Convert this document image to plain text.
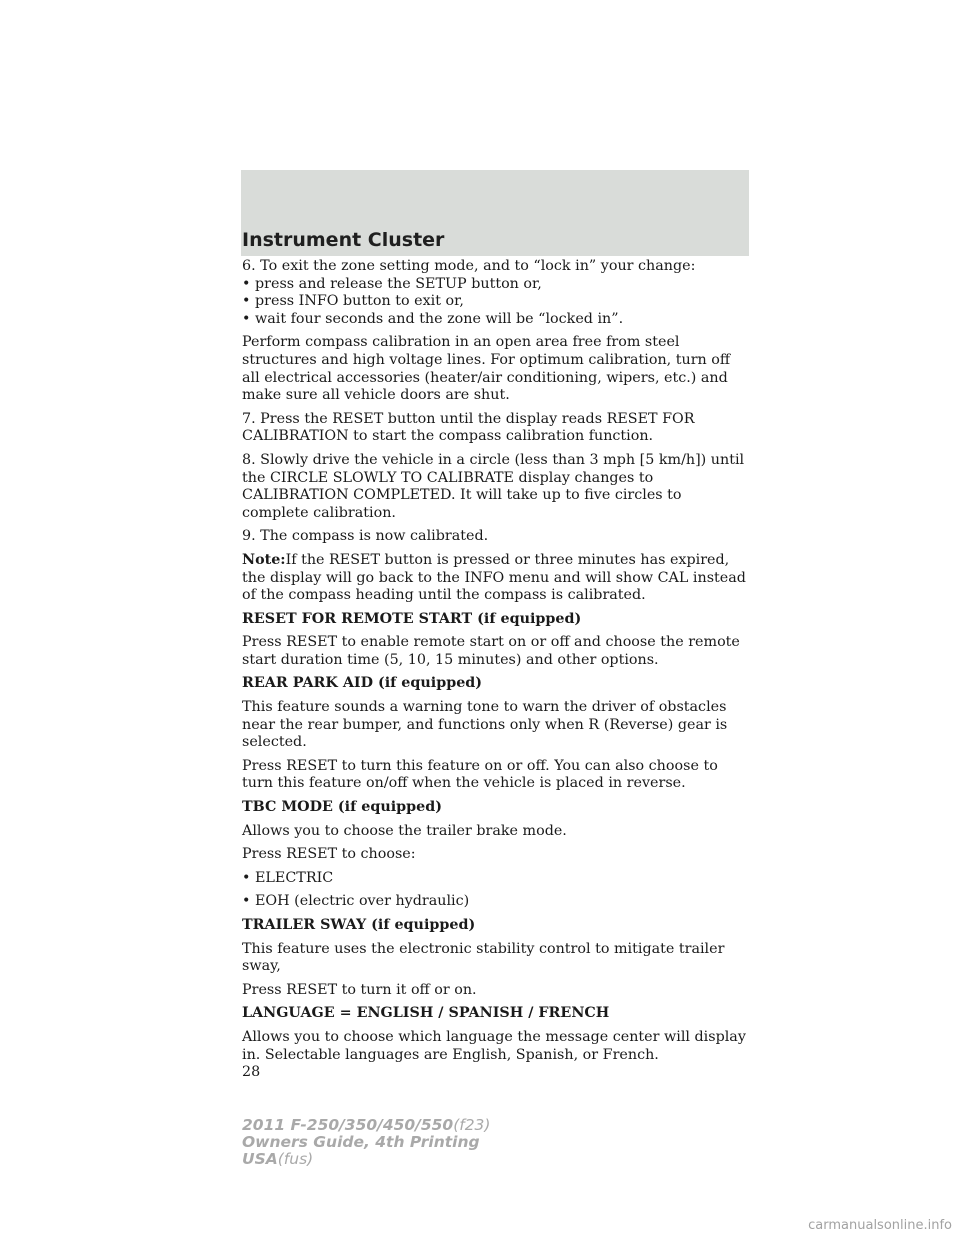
Instrument Cluster

6. To exit the zone setting mode, and to “lock in” your change:

• press and release the SETUP button or,
• press INFO button to exit or,
• wait four seconds and the zone will be “locked in”.

Perform compass calibration in an open area free from steel structures and high voltage lines. For optimum calibration, turn off all electrical accessories (heater/air conditioning, wipers, etc.) and make sure all vehicle doors are shut.

7. Press the RESET button until the display reads RESET FOR CALIBRATION to start the compass calibration function.

8. Slowly drive the vehicle in a circle (less than 3 mph [5 km/h]) until the CIRCLE SLOWLY TO CALIBRATE display changes to CALIBRATION COMPLETED. It will take up to five circles to complete calibration.

9. The compass is now calibrated.

Note:If the RESET button is pressed or three minutes has expired, the display will go back to the INFO menu and will show CAL instead of the compass heading until the compass is calibrated.

RESET FOR REMOTE START (if equipped)

Press RESET to enable remote start on or off and choose the remote start duration time (5, 10, 15 minutes) and other options.

REAR PARK AID (if equipped)

This feature sounds a warning tone to warn the driver of obstacles near the rear bumper, and functions only when R (Reverse) gear is selected.

Press RESET to turn this feature on or off. You can also choose to turn this feature on/off when the vehicle is placed in reverse.

TBC MODE (if equipped)

Allows you to choose the trailer brake mode.

Press RESET to choose:

• ELECTRIC
• EOH (electric over hydraulic)

TRAILER SWAY (if equipped)

This feature uses the electronic stability control to mitigate trailer sway,

Press RESET to turn it off or on.

LANGUAGE = ENGLISH / SPANISH / FRENCH

Allows you to choose which language the message center will display in. Selectable languages are English, Spanish, or French.

28

2011 F-250/350/450/550(f23)
Owners Guide, 4th Printing
USA(fus)
carmanualsonline.info
